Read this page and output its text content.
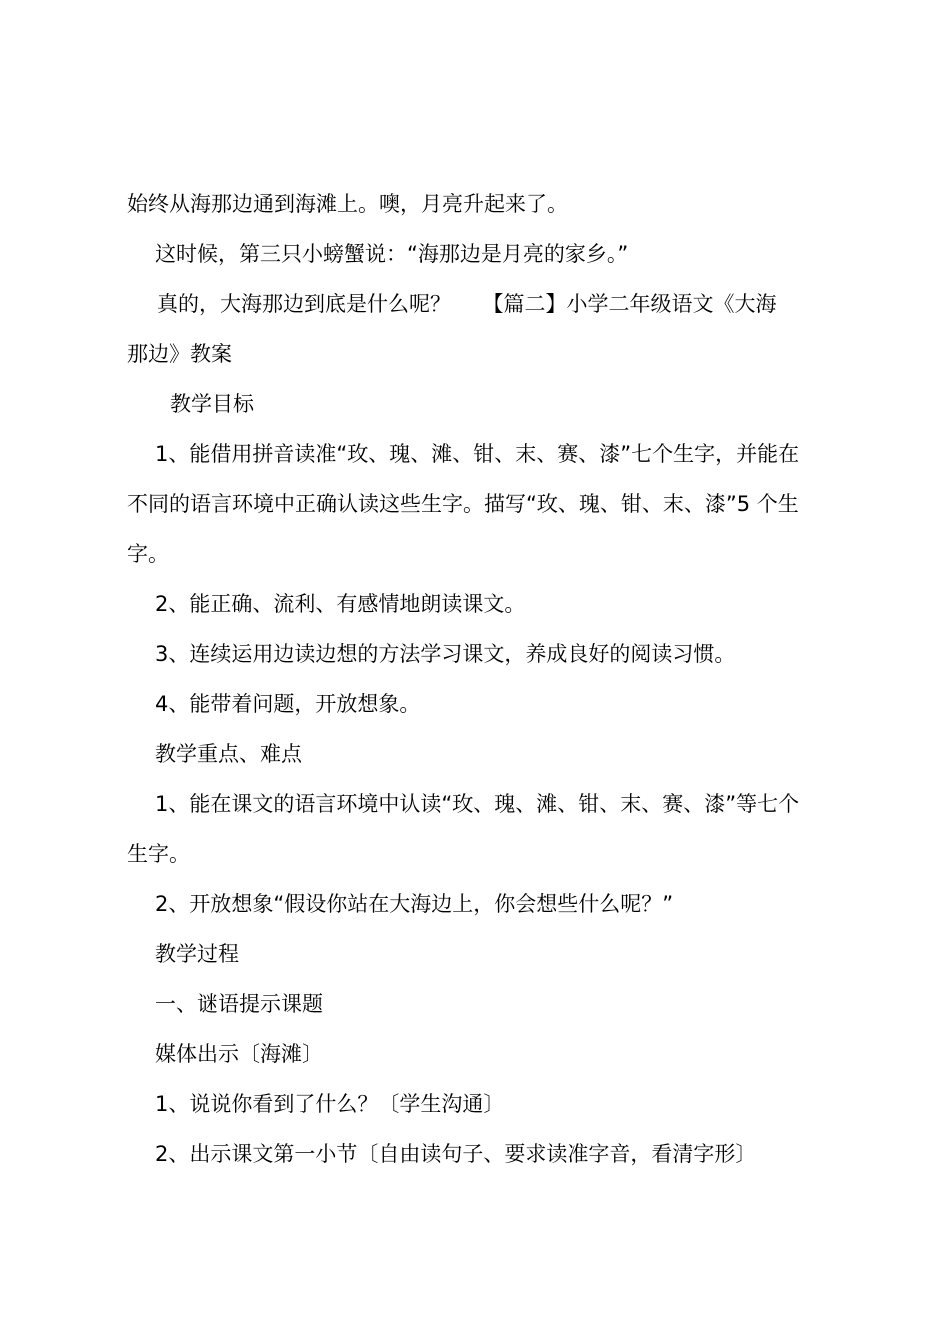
始终从海那边通到海滩上。噢，月亮升起来了。

这时候，第三只小螃蟹说：“海那边是月亮的家乡。”

真的，大海那边到底是什么呢？　　【篇二】小学二年级语文《大海

那边》教案

教学目标

1、能借用拼音读准“玫、瑰、滩、钳、末、赛、漆”七个生字，并能在

不同的语言环境中正确认读这些生字。描写“玫、瑰、钳、末、漆”5 个生

字。

2、能正确、流利、有感情地朗读课文。

3、连续运用边读边想的方法学习课文，养成良好的阅读习惯。

4、能带着问题，开放想象。

教学重点、难点

1、能在课文的语言环境中认读“玫、瑰、滩、钳、末、赛、漆”等七个

生字。

2、开放想象“假设你站在大海边上，你会想些什么呢？”

教学过程

一、谜语提示课题

媒体出示〔海滩〕

1、说说你看到了什么？〔学生沟通〕

2、出示课文第一小节〔自由读句子、要求读准字音，看清字形〕
